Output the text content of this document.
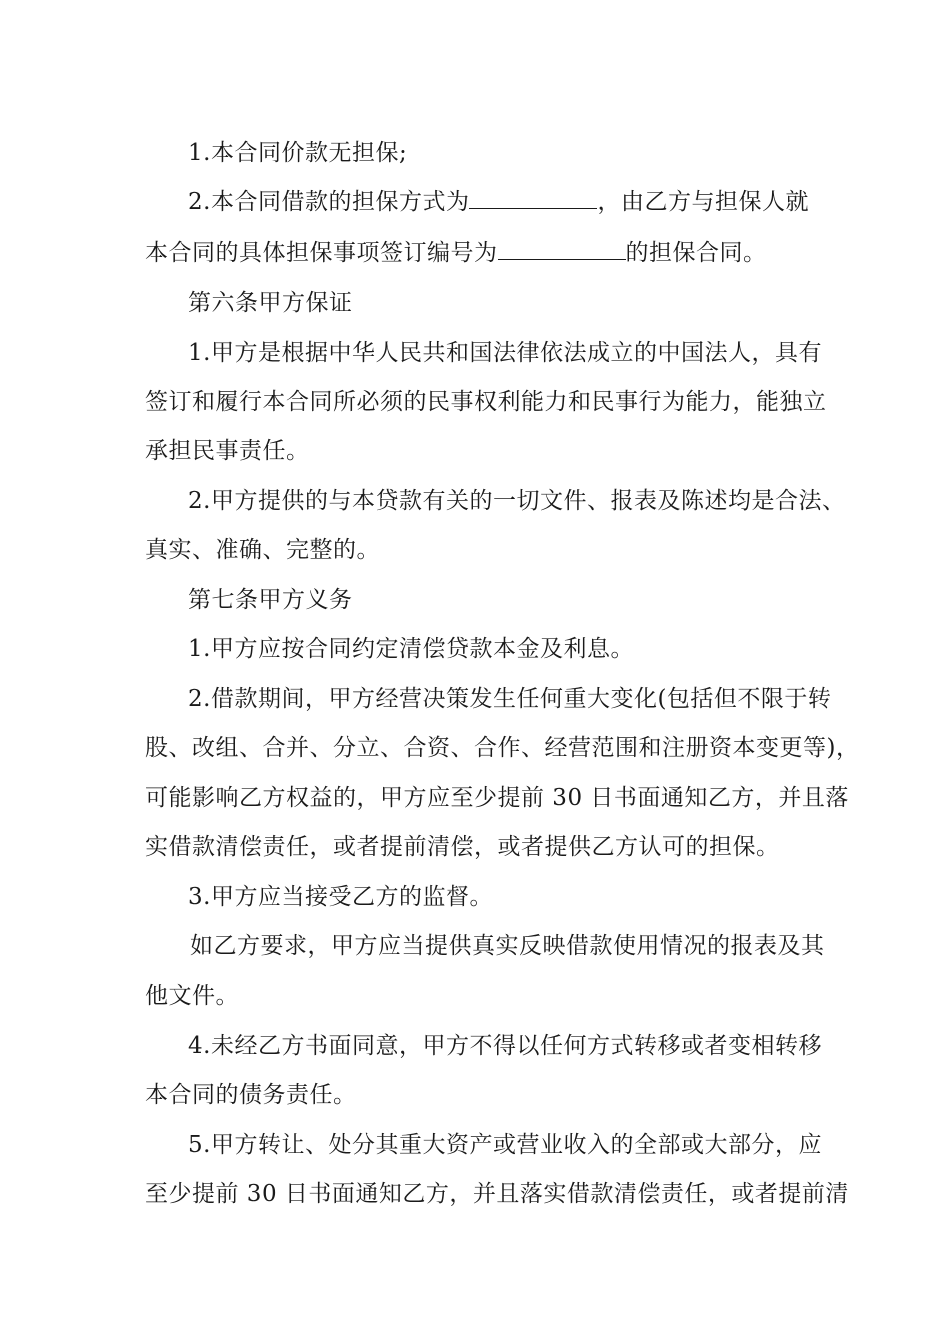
1.本合同价款无担保;
2.本合同借款的担保方式为	，由乙方与担保人就
本合同的具体担保事项签订编号为	的担保合同。
第六条甲方保证
1.甲方是根据中华人民共和国法律依法成立的中国法人，具有
签订和履行本合同所必须的民事权利能力和民事行为能力，能独立
承担民事责任。
2.甲方提供的与本贷款有关的一切文件、报表及陈述均是合法、
真实、准确、完整的。
第七条甲方义务
1.甲方应按合同约定清偿贷款本金及利息。
2.借款期间，甲方经营决策发生任何重大变化(包括但不限于转
股、改组、合并、分立、合资、合作、经营范围和注册资本变更等)，
可能影响乙方权益的，甲方应至少提前 30 日书面通知乙方，并且落
实借款清偿责任，或者提前清偿，或者提供乙方认可的担保。
3.甲方应当接受乙方的监督。
如乙方要求，甲方应当提供真实反映借款使用情况的报表及其
他文件。
4.未经乙方书面同意，甲方不得以任何方式转移或者变相转移
本合同的债务责任。
5.甲方转让、处分其重大资产或营业收入的全部或大部分，应
至少提前 30 日书面通知乙方，并且落实借款清偿责任，或者提前清
